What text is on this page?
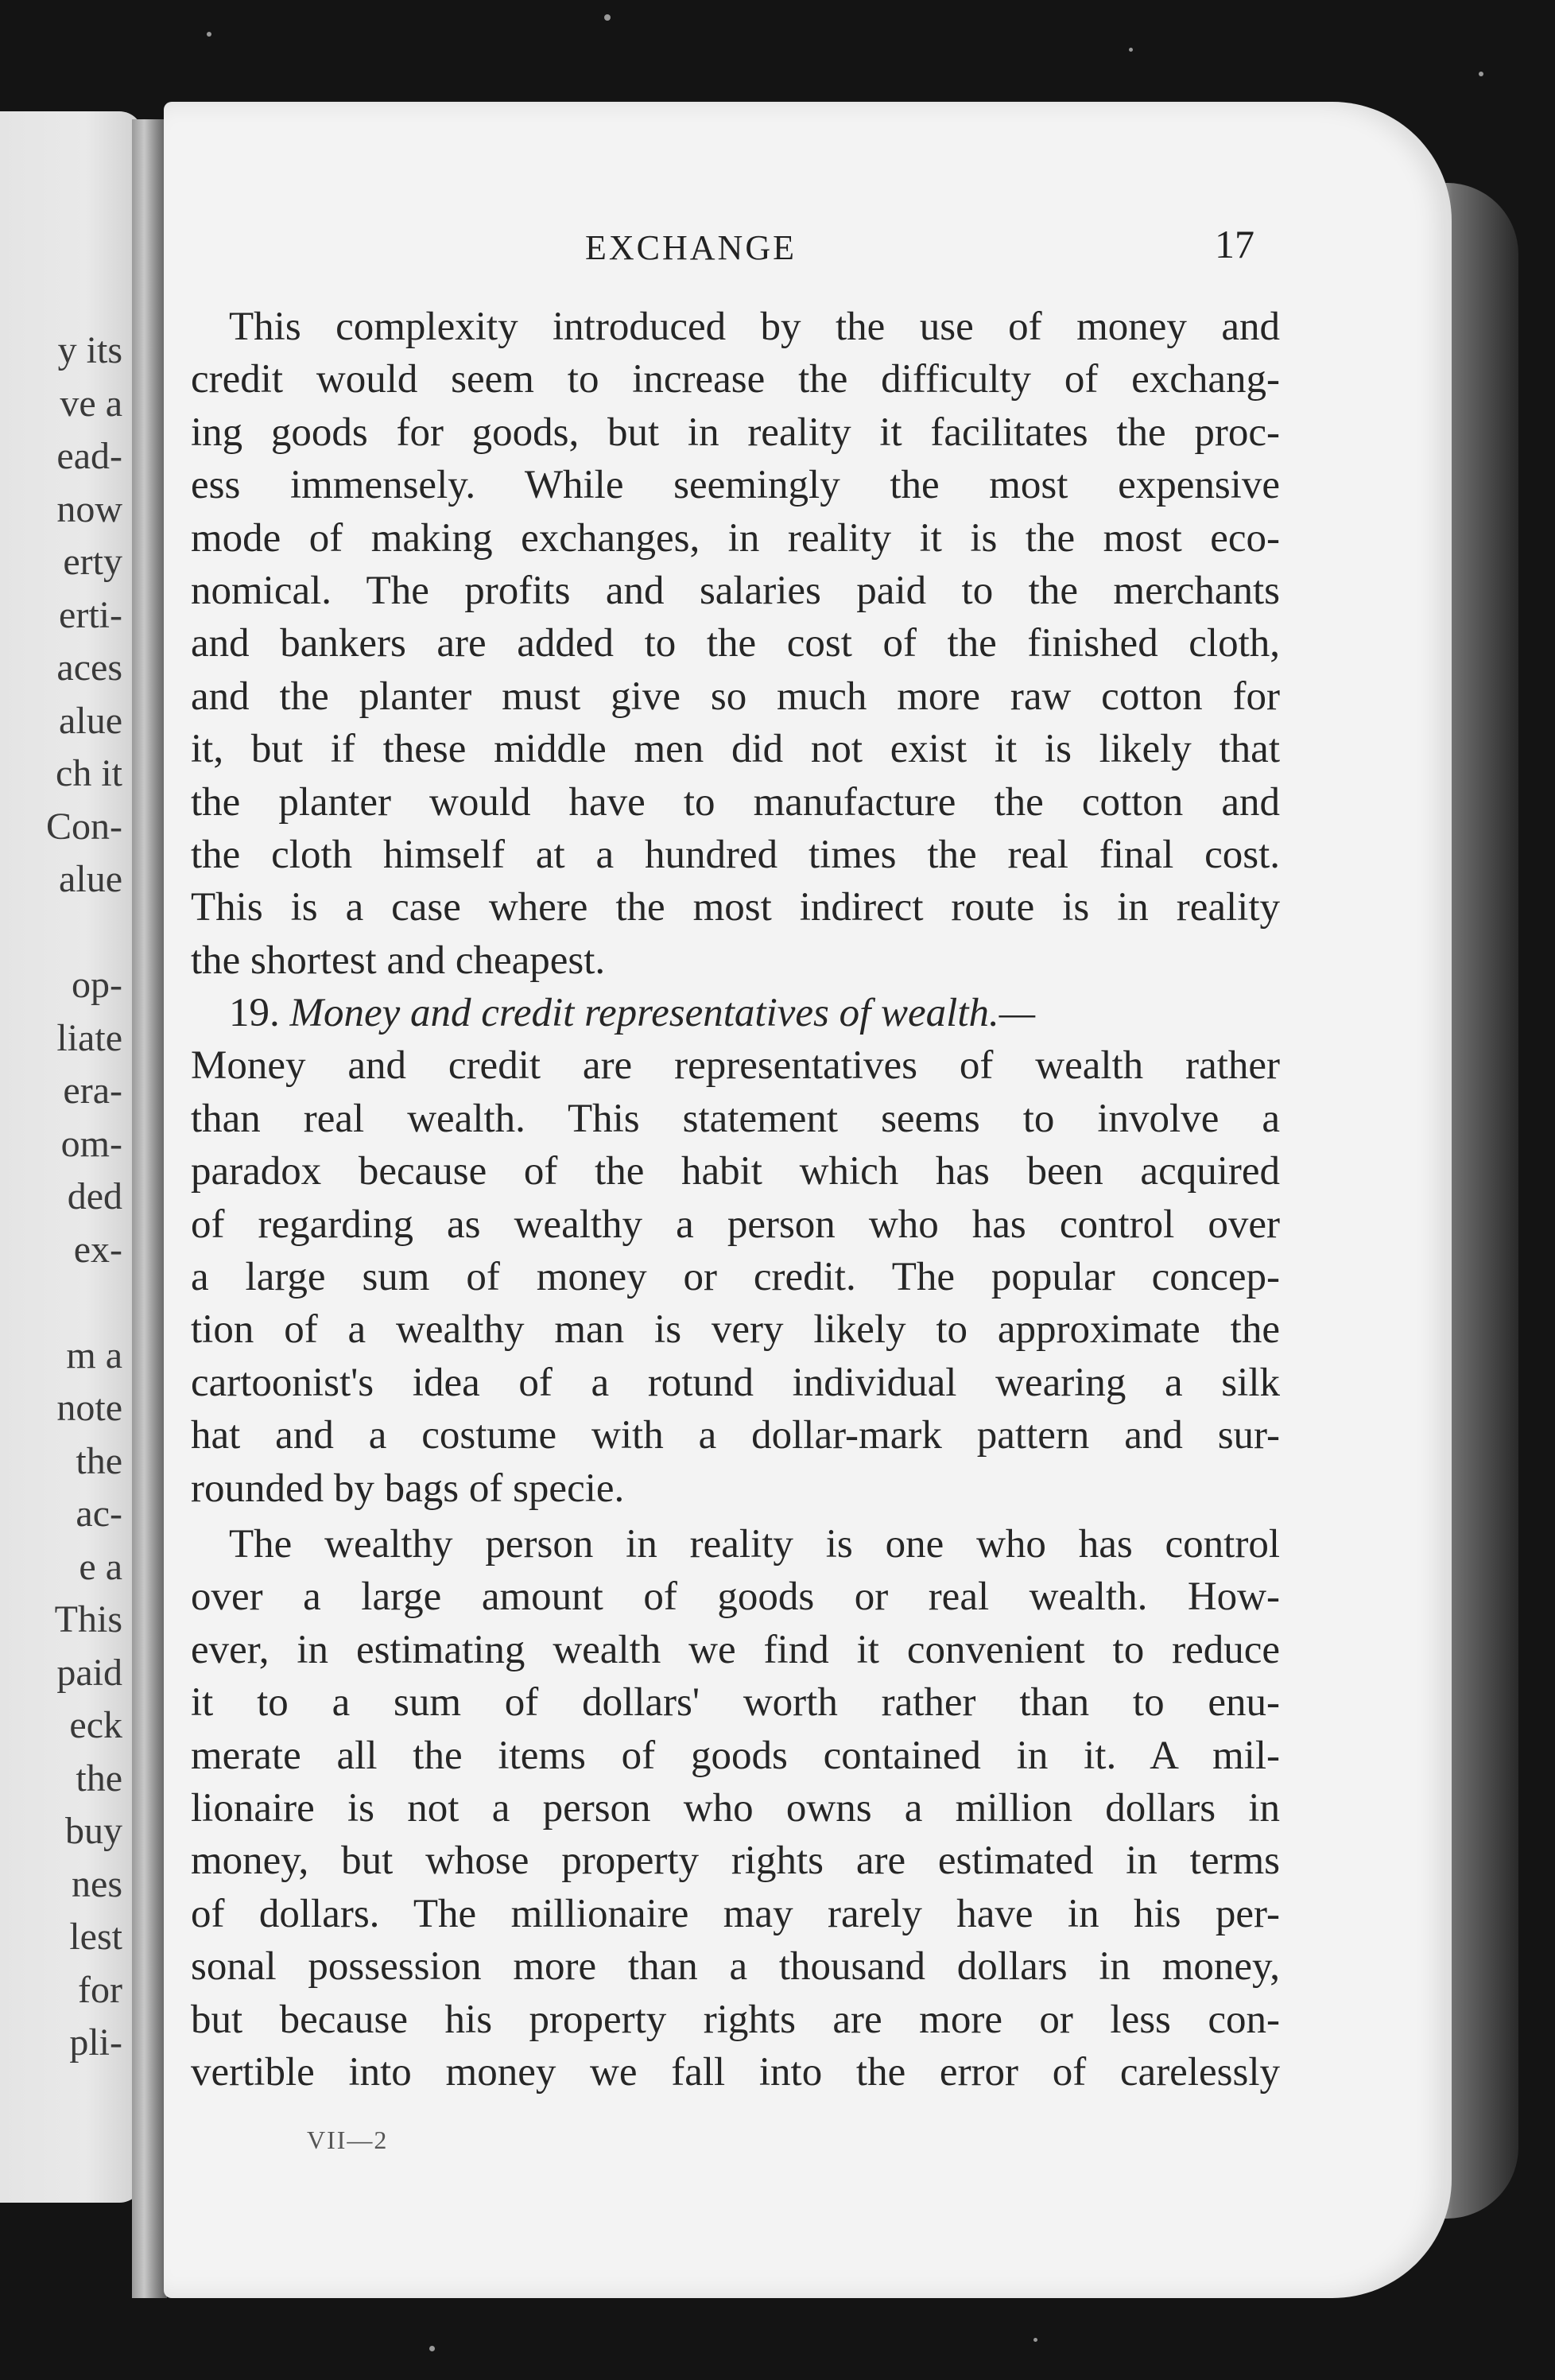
y its
ve a
ead-
now
erty
erti-
aces
alue
ch it
Con-
alue
op-
liate
era-
om-
ded
ex-
m a
note
the
ac-
e a
This
paid
eck
the
buy
nes
lest
for
pli-
EXCHANGE	17
This complexity introduced by the use of money and
credit would seem to increase the difficulty of exchang-
ing goods for goods, but in reality it facilitates the proc-
ess immensely. While seemingly the most expensive
mode of making exchanges, in reality it is the most eco-
nomical. The profits and salaries paid to the merchants
and bankers are added to the cost of the finished cloth,
and the planter must give so much more raw cotton for
it, but if these middle men did not exist it is likely that
the planter would have to manufacture the cotton and
the cloth himself at a hundred times the real final cost.
This is a case where the most indirect route is in reality
the shortest and cheapest.
19. Money and credit representatives of wealth.—
Money and credit are representatives of wealth rather
than real wealth. This statement seems to involve a
paradox because of the habit which has been acquired
of regarding as wealthy a person who has control over
a large sum of money or credit. The popular concep-
tion of a wealthy man is very likely to approximate the
cartoonist's idea of a rotund individual wearing a silk
hat and a costume with a dollar-mark pattern and sur-
rounded by bags of specie.
The wealthy person in reality is one who has control
over a large amount of goods or real wealth. How-
ever, in estimating wealth we find it convenient to reduce
it to a sum of dollars' worth rather than to enu-
merate all the items of goods contained in it. A mil-
lionaire is not a person who owns a million dollars in
money, but whose property rights are estimated in terms
of dollars. The millionaire may rarely have in his per-
sonal possession more than a thousand dollars in money,
but because his property rights are more or less con-
vertible into money we fall into the error of carelessly
VII—2
